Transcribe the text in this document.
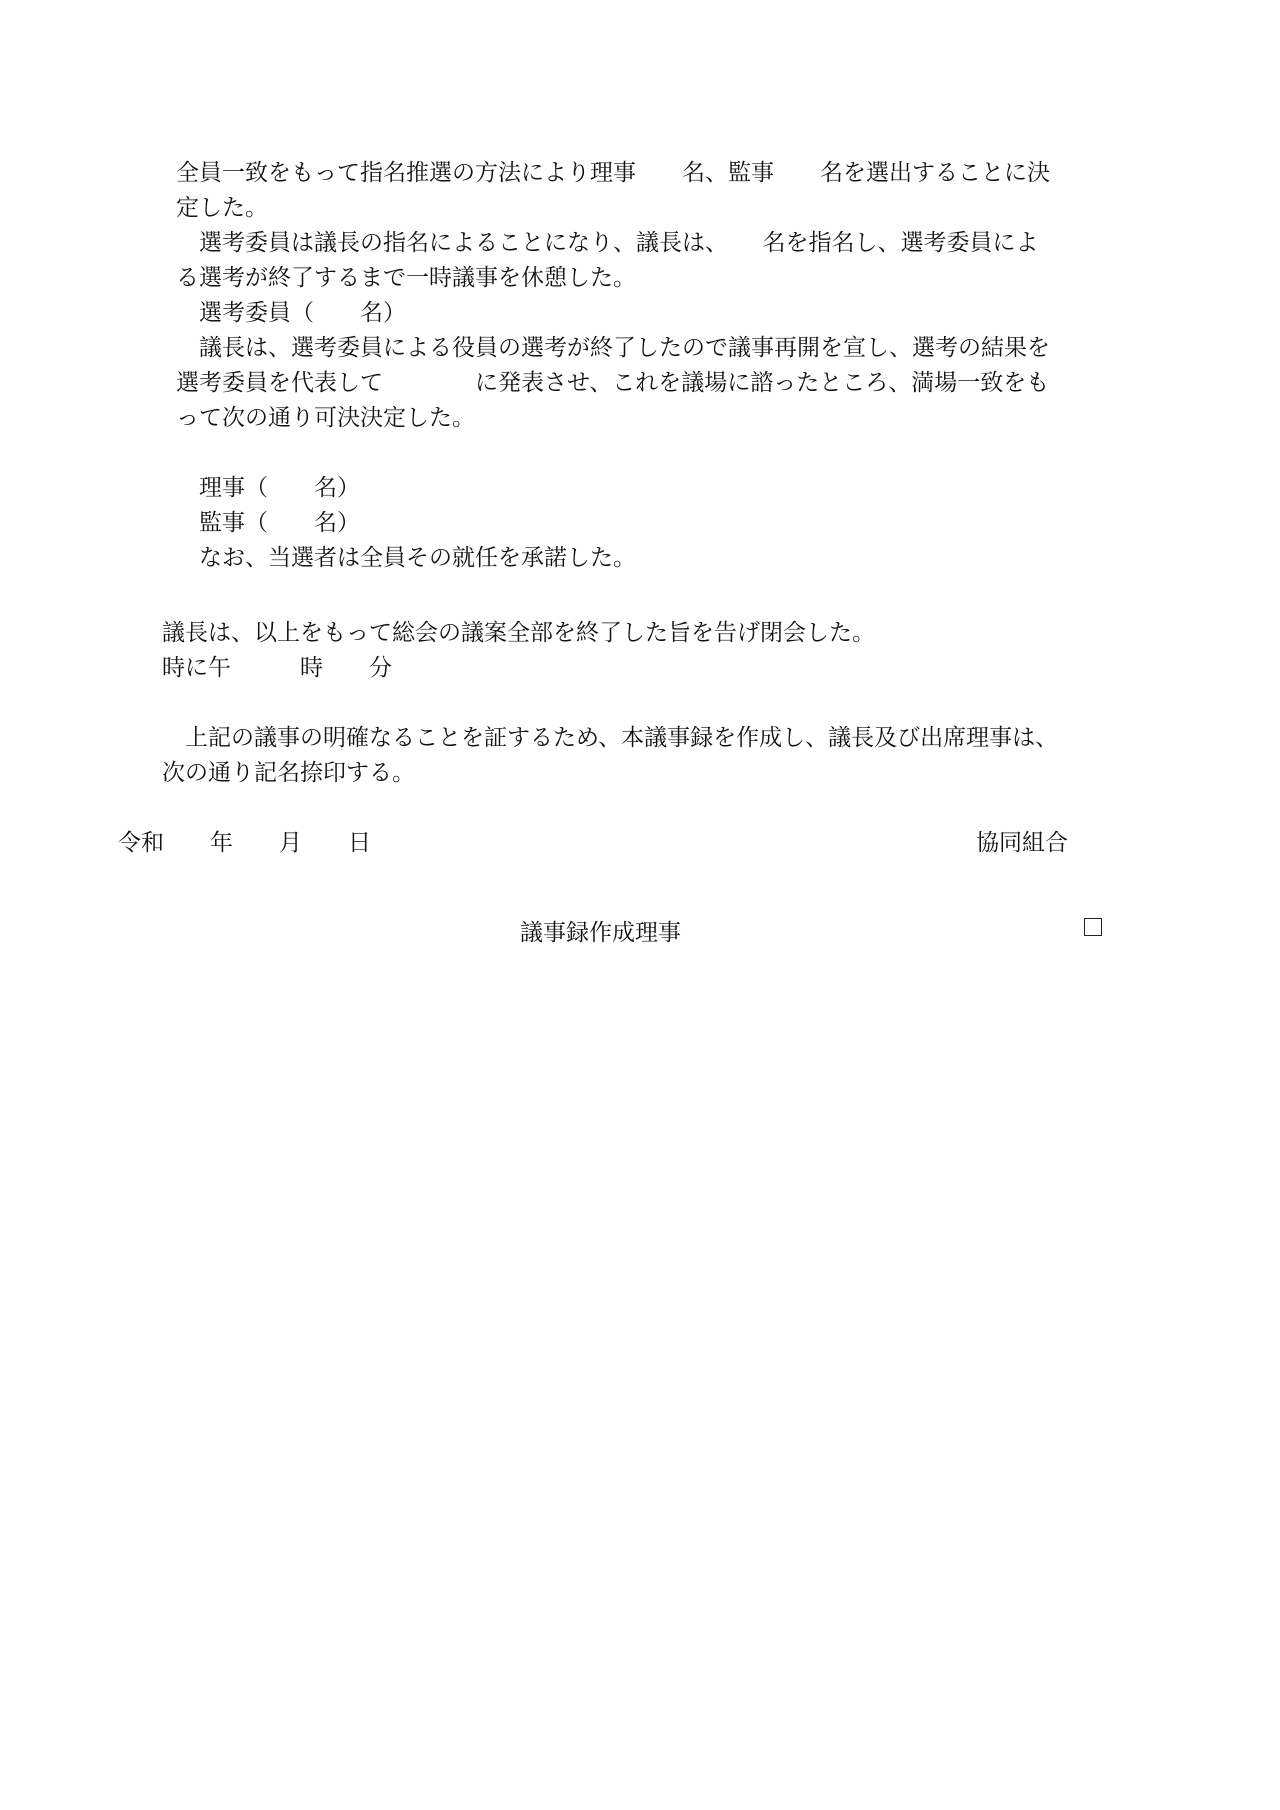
全員一致をもって指名推選の方法により理事　　名、監事　　名を選出することに決
定した。
　選考委員は議長の指名によることになり、議長は、　　名を指名し、選考委員によ
る選考が終了するまで一時議事を休憩した。
　選考委員（　　名）
　議長は、選考委員による役員の選考が終了したので議事再開を宣し、選考の結果を
選考委員を代表して　　　　に発表させ、これを議場に諮ったところ、満場一致をも
って次の通り可決決定した。
　理事（　　名）
　監事（　　名）
　なお、当選者は全員その就任を承諾した。
議長は、以上をもって総会の議案全部を終了した旨を告げ閉会した。
時に午　　　時　　分
　上記の議事の明確なることを証するため、本議事録を作成し、議長及び出席理事は、
次の通り記名捺印する。
令和　　年　　月　　日	協同組合
議事録作成理事
